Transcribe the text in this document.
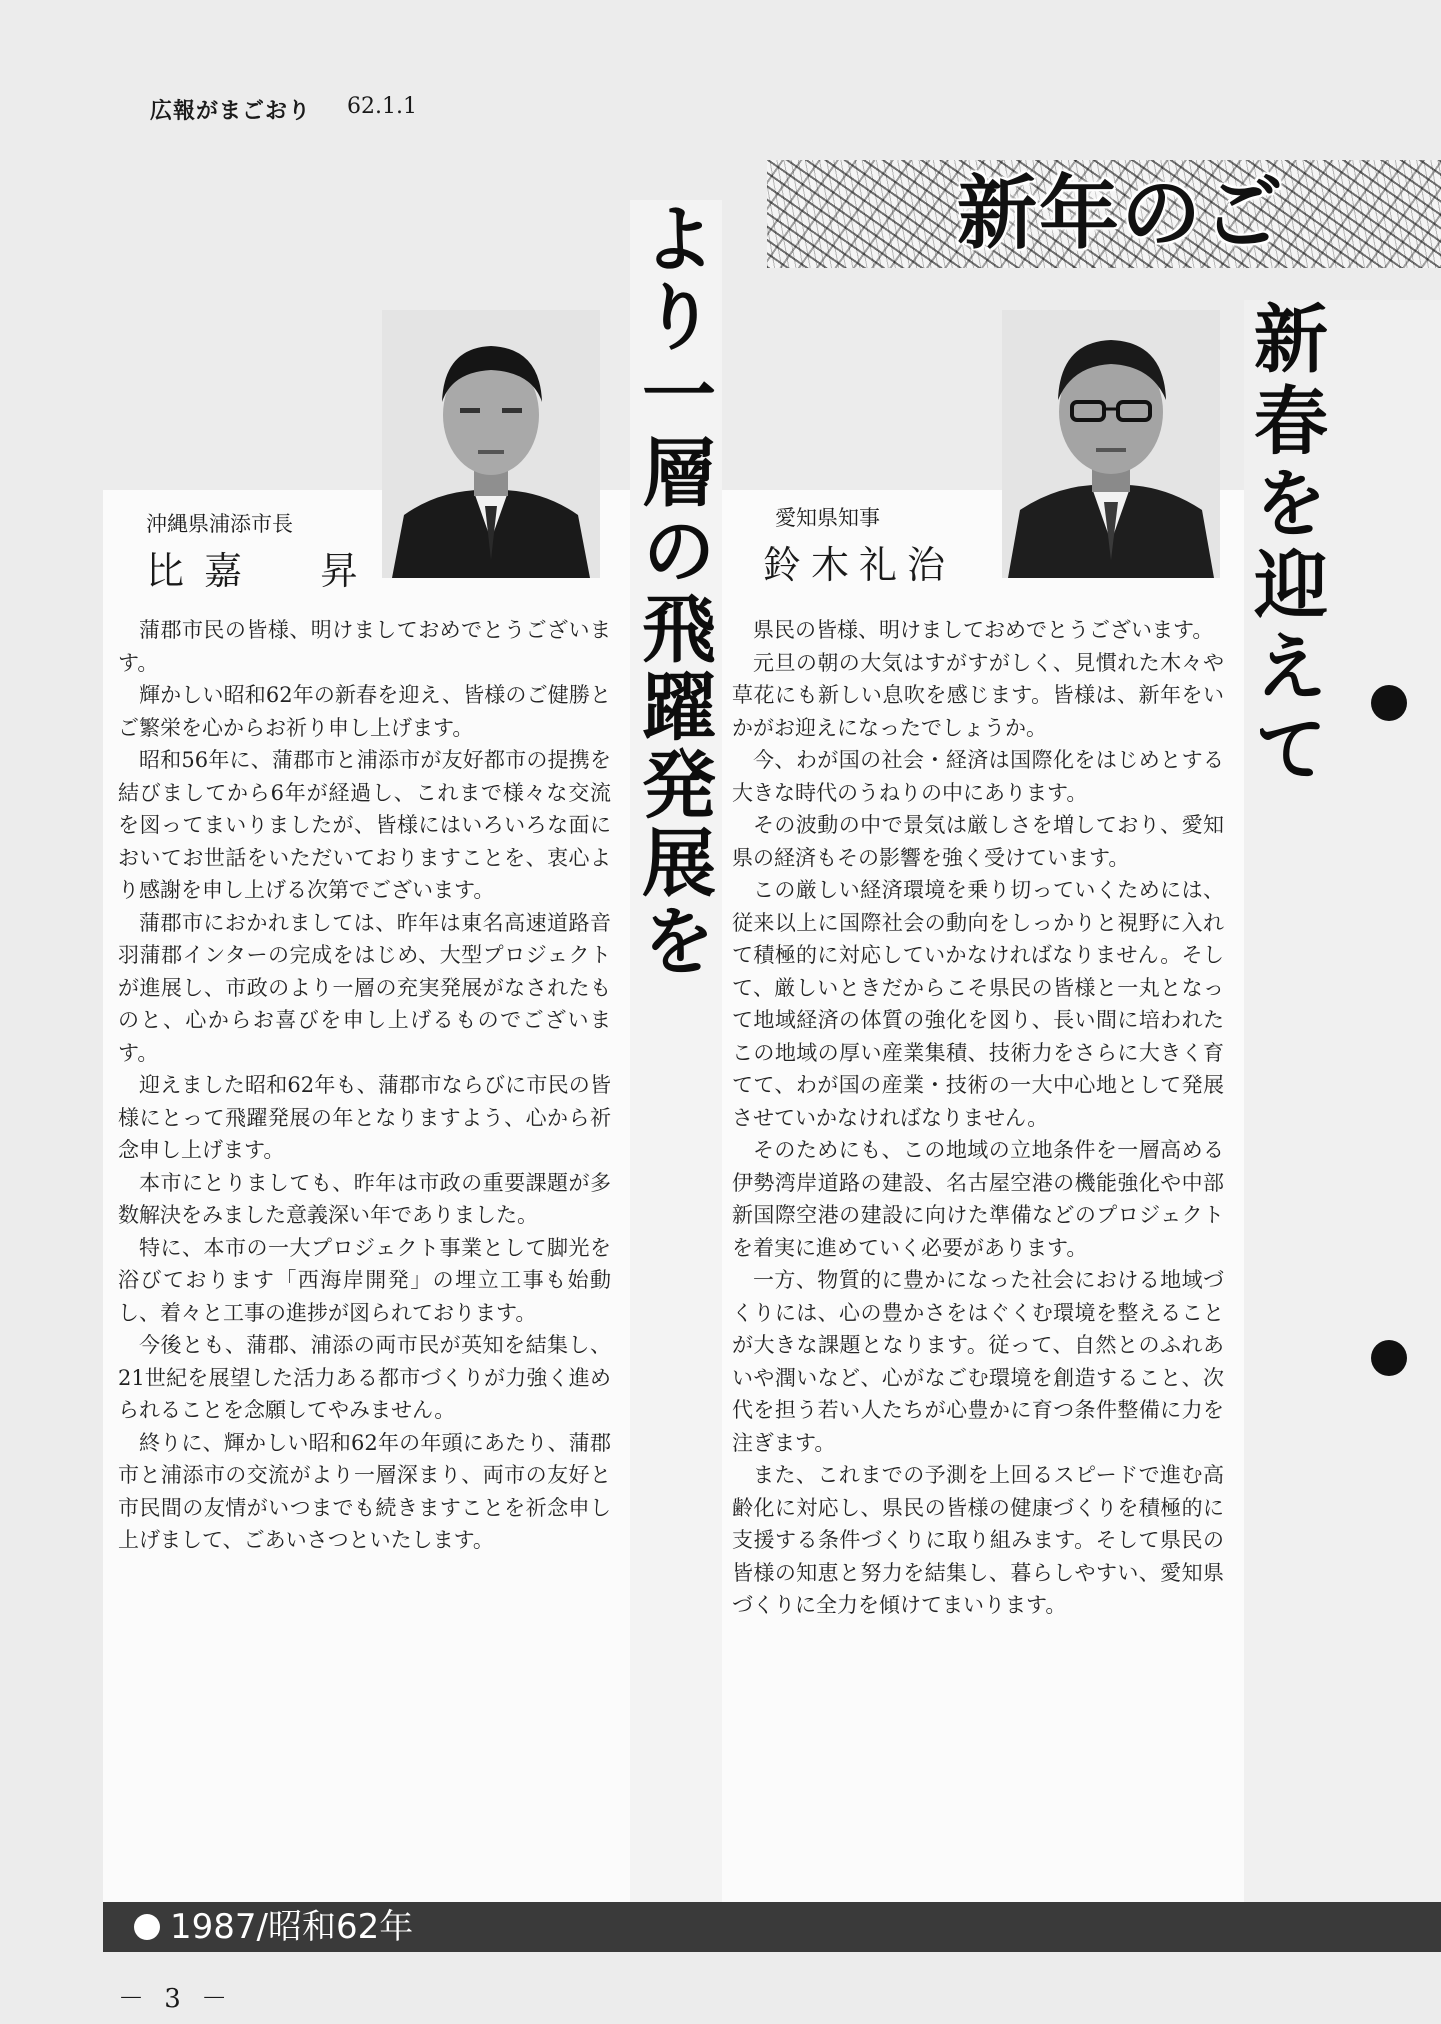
広報がまごおり 62.1.1
新年のご
沖縄県浦添市長
比嘉　昇
愛知県知事
鈴木礼治
より一層の飛躍発展を	新春を迎えて

蒲郡市民の皆様、明けましておめでとうございます。

輝かしい昭和62年の新春を迎え、皆様のご健勝とご繁栄を心からお祈り申し上げます。

昭和56年に、蒲郡市と浦添市が友好都市の提携を結びましてから6年が経過し、これまで様々な交流を図ってまいりましたが、皆様にはいろいろな面においてお世話をいただいておりますことを、衷心より感謝を申し上げる次第でございます。

蒲郡市におかれましては、昨年は東名高速道路音羽蒲郡インターの完成をはじめ、大型プロジェクトが進展し、市政のより一層の充実発展がなされたものと、心からお喜びを申し上げるものでございます。

迎えました昭和62年も、蒲郡市ならびに市民の皆様にとって飛躍発展の年となりますよう、心から祈念申し上げます。

本市にとりましても、昨年は市政の重要課題が多数解決をみました意義深い年でありました。

特に、本市の一大プロジェクト事業として脚光を浴びております「西海岸開発」の埋立工事も始動し、着々と工事の進捗が図られております。

今後とも、蒲郡、浦添の両市民が英知を結集し、21世紀を展望した活力ある都市づくりが力強く進められることを念願してやみません。

終りに、輝かしい昭和62年の年頭にあたり、蒲郡市と浦添市の交流がより一層深まり、両市の友好と市民間の友情がいつまでも続きますことを祈念申し上げまして、ごあいさつといたします。

県民の皆様、明けましておめでとうございます。

元旦の朝の大気はすがすがしく、見慣れた木々や草花にも新しい息吹を感じます。皆様は、新年をいかがお迎えになったでしょうか。

今、わが国の社会・経済は国際化をはじめとする大きな時代のうねりの中にあります。

その波動の中で景気は厳しさを増しており、愛知県の経済もその影響を強く受けています。

この厳しい経済環境を乗り切っていくためには、従来以上に国際社会の動向をしっかりと視野に入れて積極的に対応していかなければなりません。そして、厳しいときだからこそ県民の皆様と一丸となって地域経済の体質の強化を図り、長い間に培われたこの地域の厚い産業集積、技術力をさらに大きく育てて、わが国の産業・技術の一大中心地として発展させていかなければなりません。

そのためにも、この地域の立地条件を一層高める伊勢湾岸道路の建設、名古屋空港の機能強化や中部新国際空港の建設に向けた準備などのプロジェクトを着実に進めていく必要があります。

一方、物質的に豊かになった社会における地域づくりには、心の豊かさをはぐくむ環境を整えることが大きな課題となります。従って、自然とのふれあいや潤いなど、心がなごむ環境を創造すること、次代を担う若い人たちが心豊かに育つ条件整備に力を注ぎます。

また、これまでの予測を上回るスピードで進む高齢化に対応し、県民の皆様の健康づくりを積極的に支援する条件づくりに取り組みます。そして県民の皆様の知恵と努力を結集し、暮らしやすい、愛知県づくりに全力を傾けてまいります。

1987/昭和62年
－ 3 －
